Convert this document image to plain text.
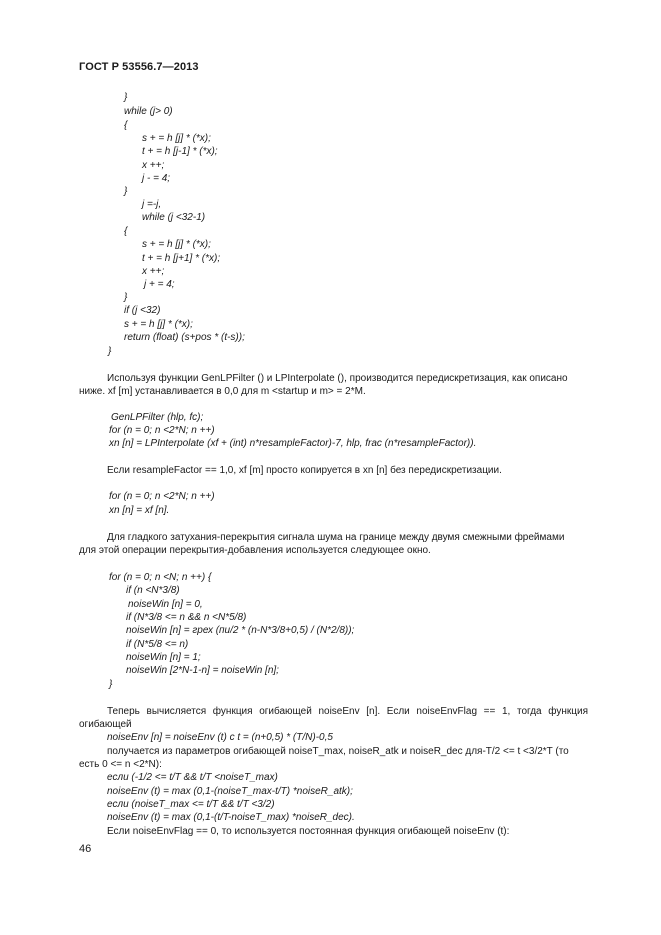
ГОСТ Р 53556.7—2013
}
while (j> 0)
{
s + = h [j] * (*x);
t + = h [j-1] * (*x);
x ++;
j - = 4;
}
j =-j,
while (j <32-1)
{
s + = h [j] * (*x);
t + = h [j+1] * (*x);
x ++;
j + = 4;
}
if (j <32)
s + = h [j] * (*x);
return (float) (s+pos * (t-s));
}
Используя функции GenLPFilter () и LPInterpolate (), производится передискретизация, как описано
ниже. xf [m] устанавливается в 0,0 для m <startup и m> = 2*M.
GenLPFilter (hlp, fc);
for (n = 0; n <2*N; n ++)
xn [n] = LPInterpolate (xf + (int) n*resampleFactor)-7, hlp, frac (n*resampleFactor)).
Если resampleFactor == 1,0, xf [m] просто копируется в xn [n] без передискретизации.
for (n = 0; n <2*N; n ++)
xn [n] = xf [n].
Для гладкого затухания-перекрытия сигнала шума на границе между двумя смежными фреймами
для этой операции перекрытия-добавления используется следующее окно.
for (n = 0; n <N; n ++) {
if (n <N*3/8)
noiseWin [n] = 0,
if (N*3/8 <= n && n <N*5/8)
noiseWin [n] = грех (пи/2 * (n-N*3/8+0,5) / (N*2/8));
if (N*5/8 <= n)
noiseWin [n] = 1;
noiseWin [2*N-1-n] = noiseWin [n];
}
Теперь вычисляется функция огибающей noiseEnv [n]. Если noiseEnvFlag == 1, тогда функция
огибающей
noiseEnv [n] = noiseEnv (t) с t = (n+0,5) * (T/N)-0,5
получается из параметров огибающей noiseT_max, noiseR_atk и noiseR_dec для-T/2 <= t <3/2*T (то
есть 0 <= n <2*N):
если (-1/2 <= t/T && t/T <noiseT_max)
noiseEnv (t) = max (0,1-(noiseT_max-t/T) *noiseR_atk);
если (noiseT_max <= t/T && t/T <3/2)
noiseEnv (t) = max (0,1-(t/T-noiseT_max) *noiseR_dec).
Если noiseEnvFlag == 0, то используется постоянная функция огибающей noiseEnv (t):
46
